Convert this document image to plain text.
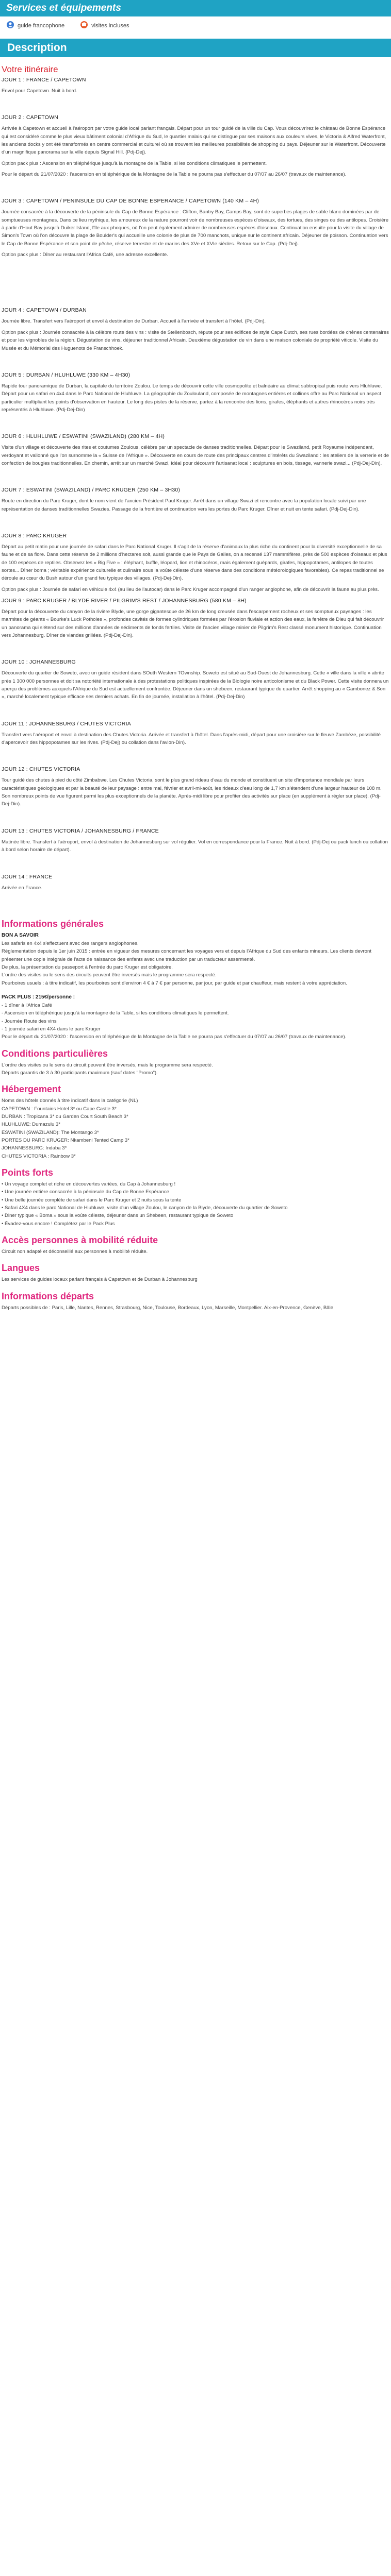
Services et équipements
guide francophone	visites incluses
Description
Votre itinéraire
JOUR 1 : FRANCE / CAPETOWN

Envol pour Capetown. Nuit à bord.

JOUR 2 : CAPETOWN

Arrivée à Capetown et accueil à l'aéroport par votre guide local parlant français. Départ pour un tour guidé de la ville du Cap. Vous découvrirez le château de Bonne Espérance qui est considéré comme le plus vieux bâtiment colonial d'Afrique du Sud, le quartier malais qui se distingue par ses maisons aux couleurs vives, le Victoria & Alfred Waterfront, les anciens docks y ont été transformés en centre commercial et culturel où se trouvent les meilleures possibilités de shopping du pays. Déjeuner sur le Waterfront. Découverte d'un magnifique panorama sur la ville depuis Signal Hill. (Pdj-Dej).

Option pack plus : Ascension en téléphérique jusqu'à la montagne de la Table, si les conditions climatiques le permettent.

Pour le départ du 21/07/2020 : l'ascension en téléphérique de la Montagne de la Table ne pourra pas s'effectuer du 07/07 au 26/07 (travaux de maintenance).

JOUR 3 : CAPETOWN / PENINSULE DU CAP DE BONNE ESPERANCE / CAPETOWN (140 KM – 4H)

Journée consacrée à la découverte de la péninsule du Cap de Bonne Espérance : Clifton, Bantry Bay, Camps Bay, sont de superbes plages de sable blanc dominées par de somptueuses montagnes. Dans ce lieu mythique, les amoureux de la nature pourront voir de nombreuses espèces d'oiseaux, des tortues, des singes ou des antilopes. Croisière à partir d'Hout Bay jusqu'à Duiker Island, l'île aux phoques, où l'on peut également admirer de nombreuses espèces d'oiseaux. Continuation ensuite pour la visite du village de Simon's Town où l'on découvre la plage de Boulder's qui accueille une colonie de plus de 700 manchots, unique sur le continent africain. Déjeuner de poisson. Continuation vers le Cap de Bonne Espérance et son point de pêche, réserve terrestre et de marins des XVe et XVIe siècles. Retour sur le Cap. (Pdj-Dej).

Option pack plus : Dîner au restaurant l'Africa Café, une adresse excellente.

JOUR 4 : CAPETOWN / DURBAN

Journée libre. Transfert vers l'aéroport et envol à destination de Durban. Accueil à l'arrivée et transfert à l'hôtel. (Pdj-Din).

Option pack plus : Journée consacrée à la célèbre route des vins : visite de Stellenbosch, répute pour ses édifices de style Cape Dutch, ses rues bordées de chênes centenaires et pour les vignobles de la région. Dégustation de vins, déjeuner traditionnel Africain. Deuxième dégustation de vin dans une maison coloniale de propriété viticole. Visite du Musée et du Mémorial des Huguenots de Franschhoek.

JOUR 5 : DURBAN / HLUHLUWE (330 KM – 4H30)

Rapide tour panoramique de Durban, la capitale du territoire Zoulou. Le temps de découvrir cette ville cosmopolite et balnéaire au climat subtropical puis route vers Hluhluwe. Départ pour un safari en 4x4 dans le Parc National de Hluhluwe. La géographie du Zoulouland, composée de montagnes entières et collines offre au Parc National un aspect particulier multipliant les points d'observation en hauteur. Le long des pistes de la réserve, partez à la rencontre des lions, girafes, éléphants et autres rhinocéros noirs très représentés à Hluhluwe. (Pdj-Dej-Din)

JOUR 6 : HLUHLUWE / ESWATINI (SWAZILAND) (280 KM – 4H)

Visite d'un village et découverte des rites et coutumes Zoulous, célèbre par un spectacle de danses traditionnelles. Départ pour le Swaziland, petit Royaume indépendant, verdoyant et vallonné que l'on surnomme la « Suisse de l'Afrique ». Découverte en cours de route des principaux centres d'intérêts du Swaziland : les ateliers de la verrerie et de confection de bougies traditionnelles. En chemin, arrêt sur un marché Swazi, idéal pour découvrir l'artisanat local : sculptures en bois, tissage, vannerie swazi... (Pdj-Dej-Din).

JOUR 7 : ESWATINI (SWAZILAND) / PARC KRUGER (250 KM – 3H30)

Route en direction du Parc Kruger, dont le nom vient de l'ancien Président Paul Kruger. Arrêt dans un village Swazi et rencontre avec la population locale suivi par une représentation de danses traditionnelles Swazies. Passage de la frontière et continuation vers les portes du Parc Kruger. Dîner et nuit en tente safari. (Pdj-Dej-Din).

JOUR 8 : PARC KRUGER

Départ au petit matin pour une journée de safari dans le Parc National Kruger. Il s'agit de la réserve d'animaux la plus riche du continent pour la diversité exceptionnelle de sa faune et de sa flore. Dans cette réserve de 2 millions d'hectares soit, aussi grande que le Pays de Galles, on a recensé 137 mammifères, près de 500 espèces d'oiseaux et plus de 100 espèces de reptiles. Observez les « Big Five » : éléphant, buffle, léopard, lion et rhinocéros, mais également guépards, girafes, hippopotames, antilopes de toutes sortes... Dîner boma ; véritable expérience culturelle et culinaire sous la voûte céleste d'une réserve dans des conditions météorologiques favorables). Ce repas traditionnel se déroule au cœur du Bush autour d'un grand feu typique des villages. (Pdj-Dej-Din).

Option pack plus : Journée de safari en véhicule 4x4 (au lieu de l'autocar) dans le Parc Kruger accompagné d'un ranger anglophone, afin de découvrir la faune au plus près.

JOUR 9 : PARC KRUGER / BLYDE RIVER / PILGRIM'S REST / JOHANNESBURG (580 KM – 8H)

Départ pour la découverte du canyon de la rivière Blyde, une gorge gigantesque de 26 km de long creusée dans l'escarpement rocheux et ses somptueux paysages : les marmites de géants « Bourke's Luck Potholes », profondes cavités de formes cylindriques formées par l'érosion fluviale et action des eaux, la fenêtre de Dieu qui fait découvrir un panorama qui s'étend sur des millions d'années de sédiments de fonds fertiles. Visite de l'ancien village minier de Pilgrim's Rest classé monument historique. Continuation vers Johannesburg. Dîner de viandes grillées. (Pdj-Dej-Din).

JOUR 10 : JOHANNESBURG

Découverte du quartier de Soweto, avec un guide résident dans SOuth Western TOwnship. Soweto est situé au Sud-Ouest de Johannesburg. Cette « ville dans la ville » abrite près 1 300 000 personnes et doit sa notoriété internationale à des protestations politiques inspirées de la Biologie noire anticolonisme et du Black Power. Cette visite donnera un aperçu des problèmes auxquels l'Afrique du Sud est actuellement confrontée. Déjeuner dans un shebeen, restaurant typique du quartier. Arrêt shopping au « Gambonez & Son », marché localement typique efficace ses derniers achats. En fin de journée, installation à l'hôtel. (Pdj-Dej-Din)

JOUR 11 : JOHANNESBURG / CHUTES VICTORIA

Transfert vers l'aéroport et envol à destination des Chutes Victoria. Arrivée et transfert à l'hôtel. Dans l'après-midi, départ pour une croisière sur le fleuve Zambèze, possibilité d'apercevoir des hippopotames sur les rives. (Pdj-Dej) ou collation dans l'avion-Din).

JOUR 12 : CHUTES VICTORIA

Tour guidé des chutes à pied du côté Zimbabwe. Les Chutes Victoria, sont le plus grand rideau d'eau du monde et constituent un site d'importance mondiale par leurs caractéristiques géologiques et par la beauté de leur paysage : entre mai, février et avril-mi-août, les rideaux d'eau long de 1,7 km s'étendent d'une largeur hauteur de 108 m. Son nombreux points de vue figurent parmi les plus exceptionnels de la planète. Après-midi libre pour profiter des activités sur place (en supplément à régler sur place). (Pdj-Dej-Din).

JOUR 13 : CHUTES VICTORIA / JOHANNESBURG / FRANCE

Matinée libre. Transfert à l'aéroport, envol à destination de Johannesburg sur vol régulier. Vol en correspondance pour la France. Nuit à bord. (Pdj-Dej ou pack lunch ou collation à bord selon horaire de départ).

JOUR 14 : FRANCE

Arrivée en France.

Informations générales

BON A SAVOIR

Les safaris en 4x4 s'effectuent avec des rangers anglophones.

Réglementation depuis le 1er juin 2015 : entrée en vigueur des mesures concernant les voyages vers et depuis l'Afrique du Sud des enfants mineurs. Les clients devront présenter une copie intégrale de l'acte de naissance des enfants avec une traduction par un traducteur assermenté.

De plus, la présentation du passeport à l'entrée du parc Kruger est obligatoire.

L'ordre des visites ou le sens des circuits peuvent être inversés mais le programme sera respecté.

Pourboires usuels : à titre indicatif, les pourboires sont d'environ 4 € à 7 € par personne, par jour, par guide et par chauffeur, mais restent à votre appréciation.

PACK PLUS : 215€/personne :

- 1 dîner à l'Africa Café

- Ascension en téléphérique jusqu'à la montagne de la Table, si les conditions climatiques le permettent.

- Journée Route des vins

- 1 journée safari en 4X4 dans le parc Kruger

Pour le départ du 21/07/2020 : l'ascension en téléphérique de la Montagne de la Table ne pourra pas s'effectuer du 07/07 au 26/07 (travaux de maintenance).

Conditions particulières

L'ordre des visites ou le sens du circuit peuvent être inversés, mais le programme sera respecté.

Départs garantis de 3 à 30 participants maximum (sauf dates "Promo").

Hébergement

Noms des hôtels donnés à titre indicatif dans la catégorie (NL)

CAPETOWN : Fountains Hotel 3* ou Cape Castle 3*

DURBAN : Tropicana 3* ou Garden Court South Beach 3*

HLUHLUWE: Dumazulu 3*

ESWATINI (SWAZILAND): The Montango 3*

PORTES DU PARC KRUGER: Nkambeni Tented Camp 3*

JOHANNESBURG: Indaba 3*

CHUTES VICTORIA : Rainbow 3*

Points forts
• Un voyage complet et riche en découvertes variées, du Cap à Johannesburg !
• Une journée entière consacrée à la péninsule du Cap de Bonne Espérance
• Une belle journée complète de safari dans le Parc Kruger et 2 nuits sous la tente
• Safari 4X4 dans le parc National de Hluhluwe, visite d'un village Zoulou, le canyon de la Blyde, découverte du quartier de Soweto
• Diner typique « Boma » sous la voûte céleste, déjeuner dans un Shebeen, restaurant typique de Soweto
• Évadez-vous encore ! Complétez par le Pack Plus
Accès personnes à mobilité réduite

Circuit non adapté et déconseillé aux personnes à mobilité réduite.

Langues

Les services de guides locaux parlant français à Capetown et de Durban à Johannesburg

Informations départs

Départs possibles de : Paris, Lille, Nantes, Rennes, Strasbourg, Nice, Toulouse, Bordeaux, Lyon, Marseille, Montpellier. Aix-en-Provence, Genève, Bâle
